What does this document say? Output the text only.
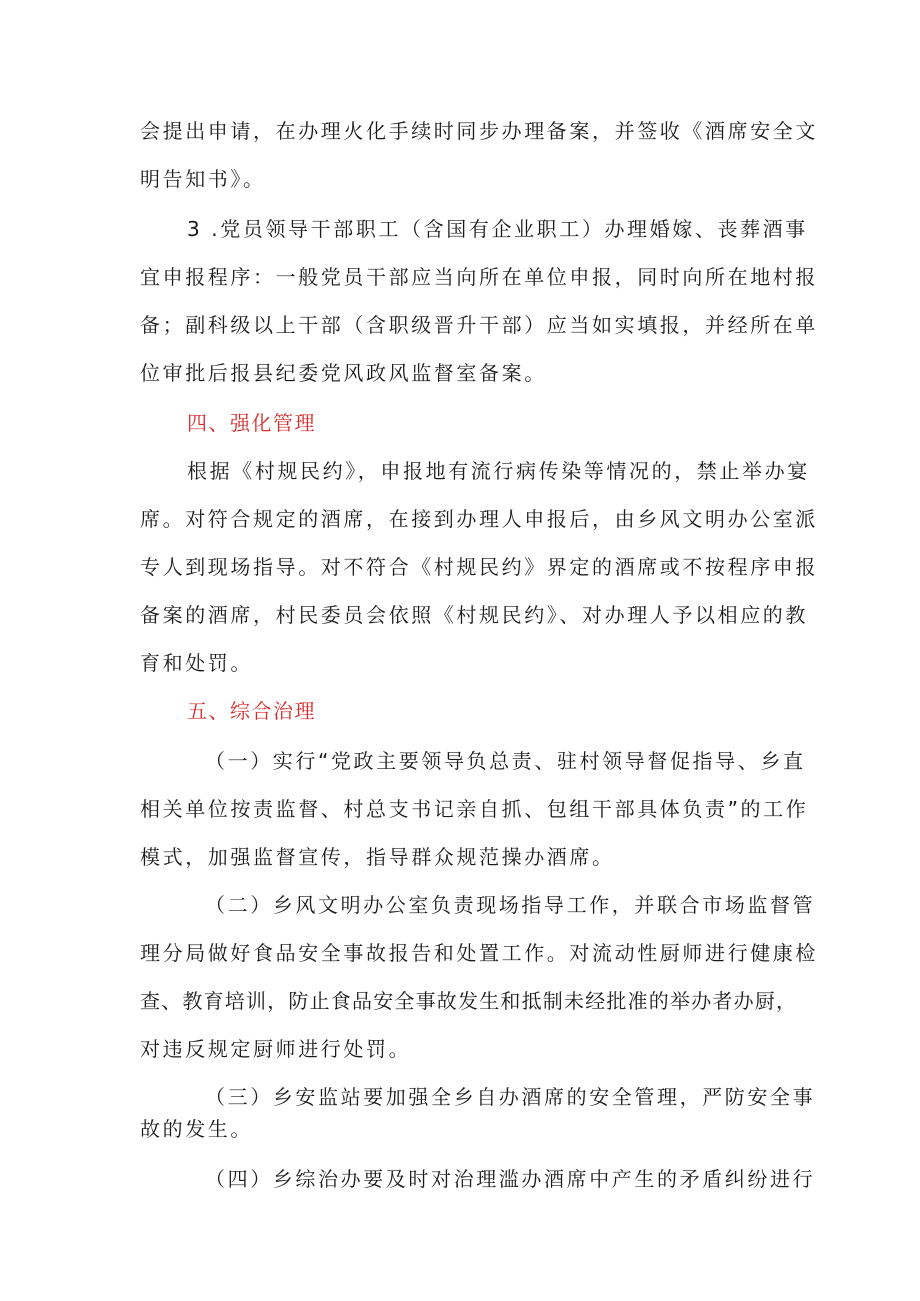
会提出申请，在办理火化手续时同步办理备案，并签收《酒席安全文
明告知书》。
3 .党员领导干部职工（含国有企业职工）办理婚嫁、丧葬酒事
宜申报程序：一般党员干部应当向所在单位申报，同时向所在地村报
备；副科级以上干部（含职级晋升干部）应当如实填报，并经所在单
位审批后报县纪委党风政风监督室备案。
四、强化管理
根据《村规民约》，申报地有流行病传染等情况的，禁止举办宴
席。对符合规定的酒席，在接到办理人申报后，由乡风文明办公室派
专人到现场指导。对不符合《村规民约》界定的酒席或不按程序申报
备案的酒席，村民委员会依照《村规民约》、对办理人予以相应的教
育和处罚。
五、综合治理
（一）实行“党政主要领导负总责、驻村领导督促指导、乡直
相关单位按责监督、村总支书记亲自抓、包组干部具体负责”的工作
模式，加强监督宣传，指导群众规范操办酒席。
（二）乡风文明办公室负责现场指导工作，并联合市场监督管
理分局做好食品安全事故报告和处置工作。对流动性厨师进行健康检
查、教育培训，防止食品安全事故发生和抵制未经批准的举办者办厨，
对违反规定厨师进行处罚。
（三）乡安监站要加强全乡自办酒席的安全管理，严防安全事
故的发生。
（四）乡综治办要及时对治理滥办酒席中产生的矛盾纠纷进行
